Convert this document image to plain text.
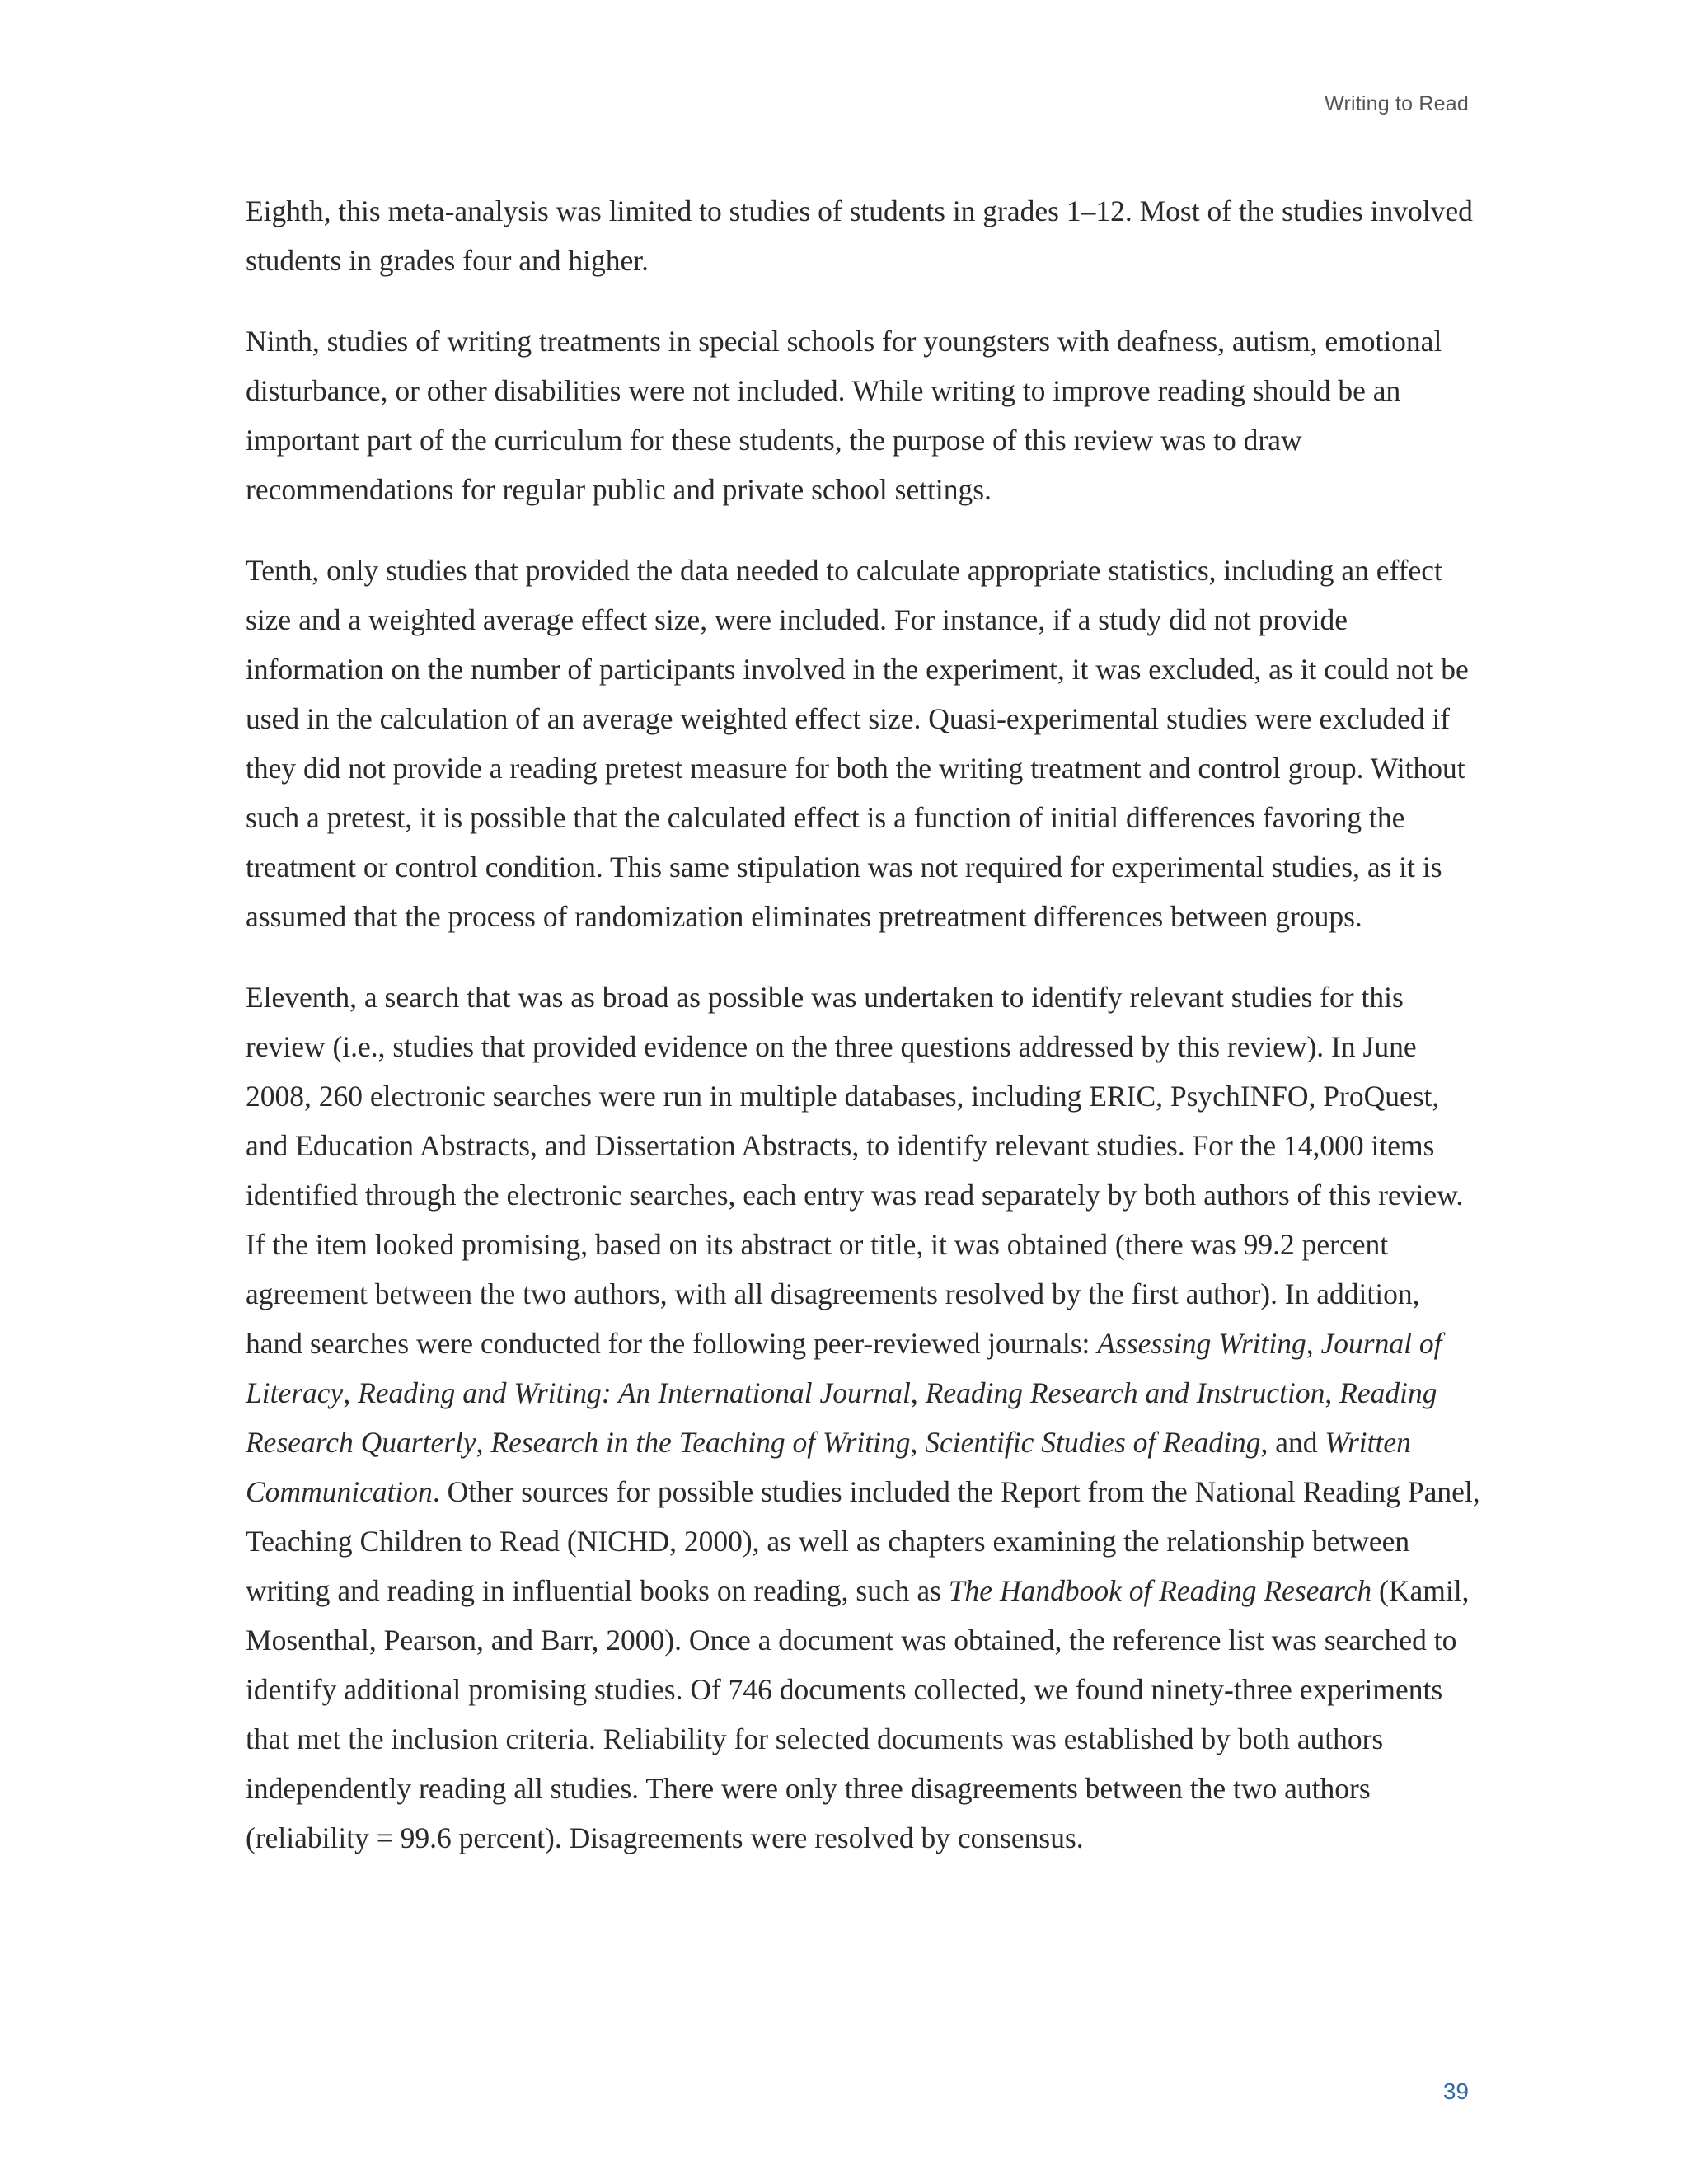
Writing to Read

Eighth, this meta-analysis was limited to studies of students in grades 1–12. Most of the studies involved students in grades four and higher.

Ninth, studies of writing treatments in special schools for youngsters with deafness, autism, emotional disturbance, or other disabilities were not included. While writing to improve reading should be an important part of the curriculum for these students, the purpose of this review was to draw recommendations for regular public and private school settings.

Tenth, only studies that provided the data needed to calculate appropriate statistics, including an effect size and a weighted average effect size, were included. For instance, if a study did not provide information on the number of participants involved in the experiment, it was excluded, as it could not be used in the calculation of an average weighted effect size. Quasi-experimental studies were excluded if they did not provide a reading pretest measure for both the writing treatment and control group. Without such a pretest, it is possible that the calculated effect is a function of initial differences favoring the treatment or control condition. This same stipulation was not required for experimental studies, as it is assumed that the process of randomization eliminates pretreatment differences between groups.

Eleventh, a search that was as broad as possible was undertaken to identify relevant studies for this review (i.e., studies that provided evidence on the three questions addressed by this review). In June 2008, 260 electronic searches were run in multiple databases, including ERIC, PsychINFO, ProQuest, and Education Abstracts, and Dissertation Abstracts, to identify relevant studies. For the 14,000 items identified through the electronic searches, each entry was read separately by both authors of this review. If the item looked promising, based on its abstract or title, it was obtained (there was 99.2 percent agreement between the two authors, with all disagreements resolved by the first author). In addition, hand searches were conducted for the following peer-reviewed journals: Assessing Writing, Journal of Literacy, Reading and Writing: An International Journal, Reading Research and Instruction, Reading Research Quarterly, Research in the Teaching of Writing, Scientific Studies of Reading, and Written Communication. Other sources for possible studies included the Report from the National Reading Panel, Teaching Children to Read (NICHD, 2000), as well as chapters examining the relationship between writing and reading in influential books on reading, such as The Handbook of Reading Research (Kamil, Mosenthal, Pearson, and Barr, 2000). Once a document was obtained, the reference list was searched to identify additional promising studies. Of 746 documents collected, we found ninety-three experiments that met the inclusion criteria. Reliability for selected documents was established by both authors independently reading all studies. There were only three disagreements between the two authors (reliability = 99.6 percent). Disagreements were resolved by consensus.

39
